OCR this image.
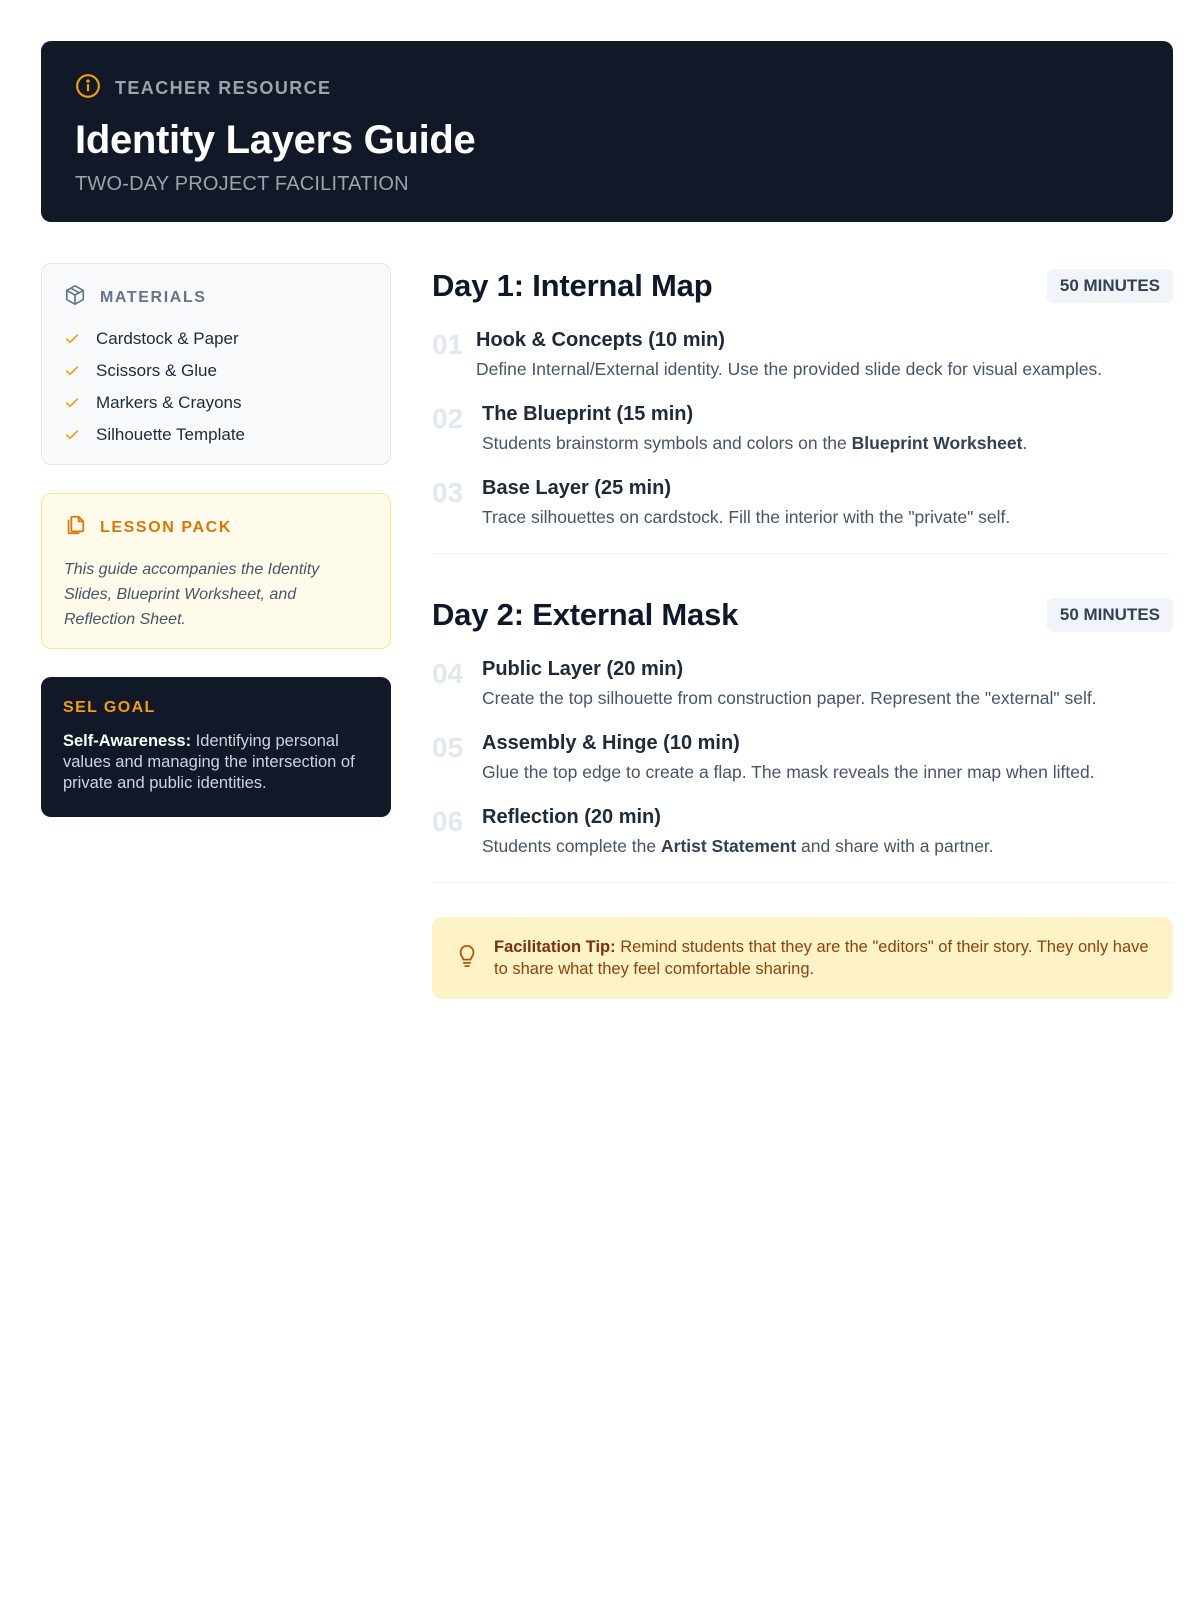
TEACHER RESOURCE
Identity Layers Guide
TWO-DAY PROJECT FACILITATION
MATERIALS
Cardstock & Paper
Scissors & Glue
Markers & Crayons
Silhouette Template
LESSON PACK

This guide accompanies the Identity Slides, Blueprint Worksheet, and Reflection Sheet.

SEL GOAL

Self-Awareness: Identifying personal values and managing the intersection of private and public identities.

Day 1: Internal Map	50 MINUTES
01 Hook & Concepts (10 min)

Define Internal/External identity. Use the provided slide deck for visual examples.

02 The Blueprint (15 min)

Students brainstorm symbols and colors on the Blueprint Worksheet.

03 Base Layer (25 min)

Trace silhouettes on cardstock. Fill the interior with the "private" self.

Day 2: External Mask	50 MINUTES
04 Public Layer (20 min)

Create the top silhouette from construction paper. Represent the "external" self.

05 Assembly & Hinge (10 min)

Glue the top edge to create a flap. The mask reveals the inner map when lifted.

06 Reflection (20 min)

Students complete the Artist Statement and share with a partner.

Facilitation Tip: Remind students that they are the "editors" of their story. They only have to share what they feel comfortable sharing.
